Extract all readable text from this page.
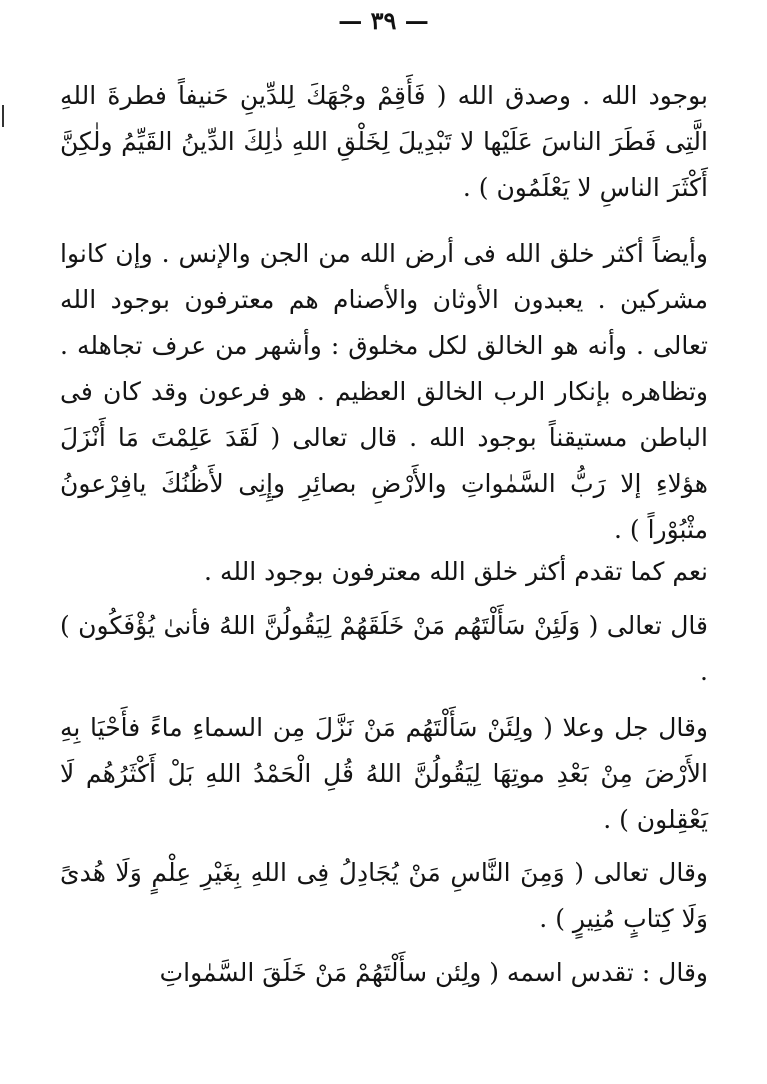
— ٣٩ —

بوجود الله . وصدق الله ( فَأَقِمْ وجْهَكَ لِلدِّينِ حَنيفاً فطرةَ اللهِ الَّتِى فَطَرَ الناسَ عَلَيْها لا تَبْدِيلَ لِخَلْقِ اللهِ ذٰلِكَ الدِّينُ القَيِّمُ ولٰكِنَّ أَكْثَرَ الناسِ لا يَعْلَمُون ) .

وأيضاً أكثر خلق الله فى أرض الله من الجن والإنس . وإن كانوا مشركين . يعبدون الأوثان والأصنام هم معترفون بوجود الله تعالى . وأنه هو الخالق لكل مخلوق : وأشهر من عرف تجاهله . وتظاهره بإنكار الرب الخالق العظيم . هو فرعون وقد كان فى الباطن مستيقناً بوجود الله . قال تعالى ( لَقَدَ عَلِمْتَ مَا أَنْزَلَ هؤلاءِ إلا رَبُّ السَّمٰواتِ والأَرْضِ بصائِرِ وإِنِى لأَظُنُكَ يافِرْعونُ مثْبُوْراً ) .

نعم كما تقدم أكثر خلق الله معترفون بوجود الله .

قال تعالى ( وَلَئِنْ سَأَلْتَهُم مَنْ خَلَقَهُمْ لِيَقُولُنَّ اللهُ فأنىٰ يُؤْفَكُون ) .

وقال جل وعلا ( ولِئَنْ سَأَلْتَهُم مَنْ نَزَّلَ مِن السماءِ ماءً فأَحْيَا بِهِ الأَرْضَ مِنْ بَعْدِ موتِهَا لِيَقُولُنَّ اللهُ قُلِ الْحَمْدُ اللهِ بَلْ أَكْثَرُهُم لَا يَعْقِلون ) .

وقال تعالى ( وَمِنَ النَّاسِ مَنْ يُجَادِلُ فِى اللهِ بِغَيْرِ عِلْمٍ وَلَا هُدىً وَلَا كِتابٍ مُنِيرٍ ) .

وقال : تقدس اسمه ( ولِئن سأَلْتَهُمْ مَنْ خَلَقَ السَّمٰواتِ
